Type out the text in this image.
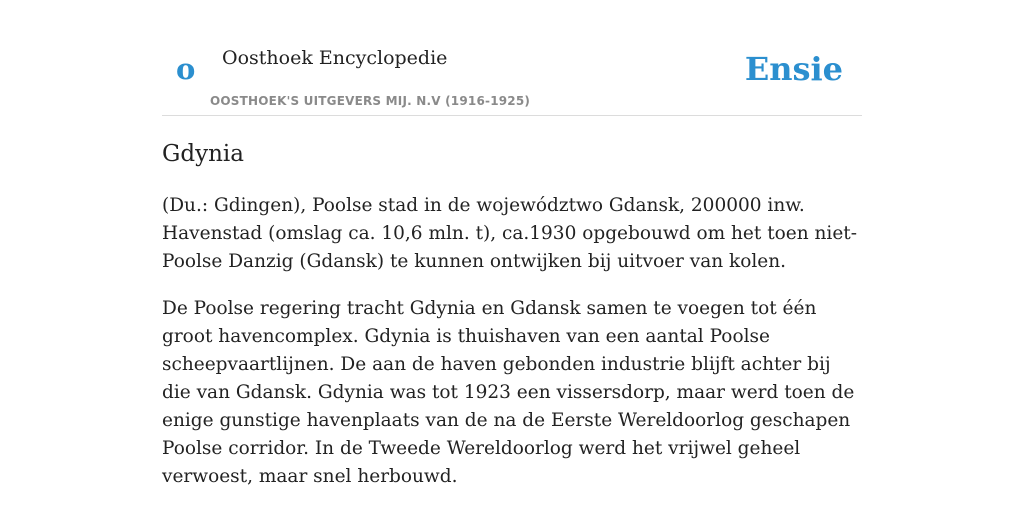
o Oosthoek Encyclopedie
OOSTHOEK'S UITGEVERS MIJ. N.V (1916-1925)
Ensie
Gdynia

(Du.: Gdingen), Poolse stad in de województwo Gdansk, 200000 inw. Havenstad (omslag ca. 10,6 mln. t), ca.1930 opgebouwd om het toen niet-Poolse Danzig (Gdansk) te kunnen ontwijken bij uitvoer van kolen.

De Poolse regering tracht Gdynia en Gdansk samen te voegen tot één groot havencomplex. Gdynia is thuishaven van een aantal Poolse scheepvaartlijnen. De aan de haven gebonden industrie blijft achter bij die van Gdansk. Gdynia was tot 1923 een vissersdorp, maar werd toen de enige gunstige havenplaats van de na de Eerste Wereldoorlog geschapen Poolse corridor. In de Tweede Wereldoorlog werd het vrijwel geheel verwoest, maar snel herbouwd.
